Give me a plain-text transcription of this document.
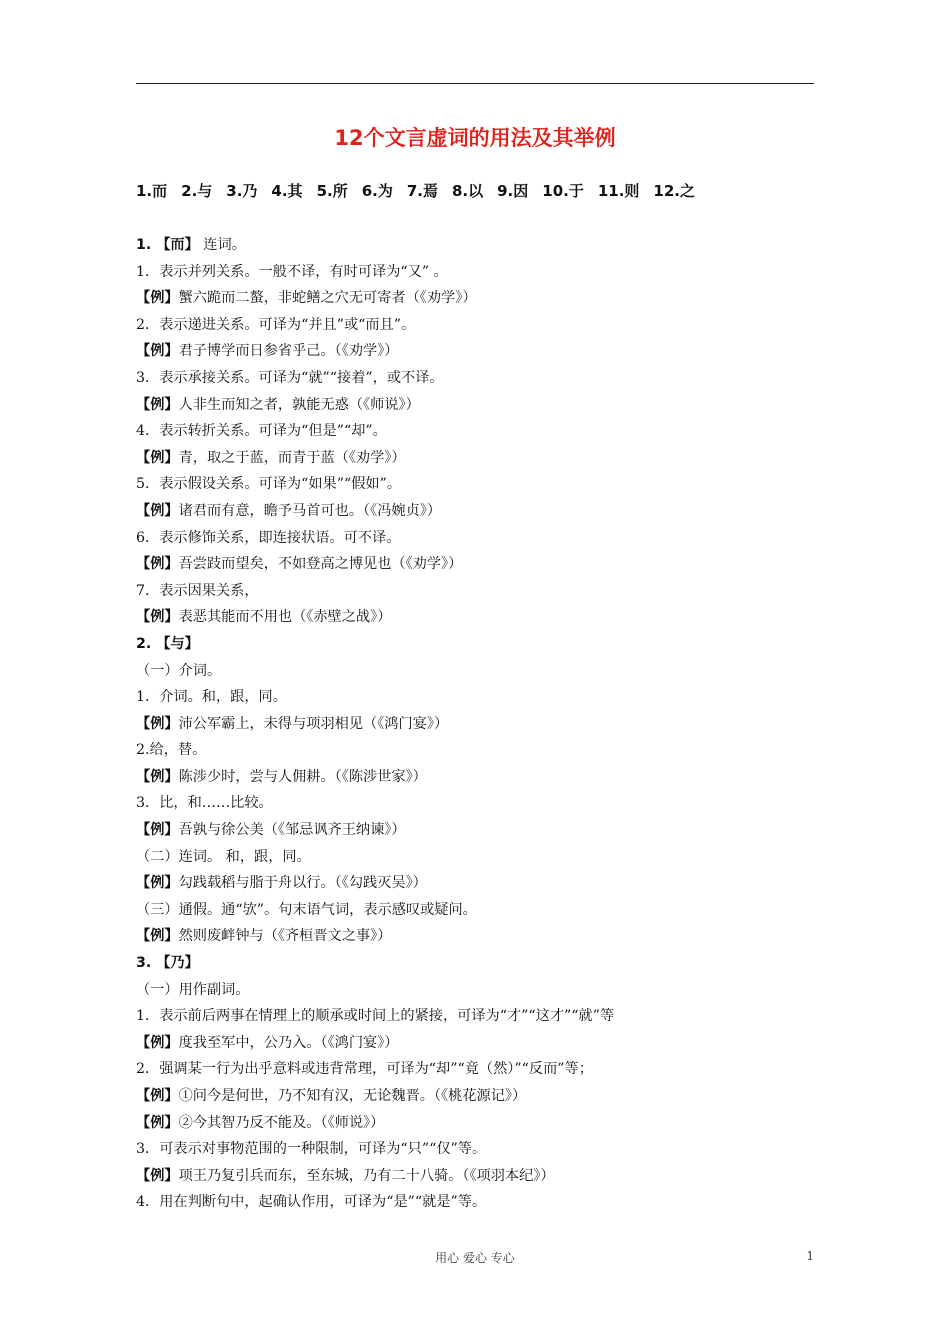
12个文言虚词的用法及其举例
1.而 2.与 3.乃 4.其 5.所 6.为 7.焉 8.以 9.因 10.于 11.则 12.之
1. 【而】 连词。
1．表示并列关系。一般不译，有时可译为“又” 。
【例】蟹六跪而二螯，非蛇鳝之穴无可寄者（《劝学》）
2．表示递进关系。可译为“并且”或“而且”。
【例】君子博学而日参省乎己。（《劝学》）
3．表示承接关系。可译为“就”“接着”，或不译。
【例】人非生而知之者，孰能无惑（《师说》）
4．表示转折关系。可译为“但是”“却”。
【例】青，取之于蓝，而青于蓝（《劝学》）
5．表示假设关系。可译为“如果”“假如”。
【例】诸君而有意，瞻予马首可也。（《冯婉贞》）
6．表示修饰关系，即连接状语。可不译。
【例】吾尝跂而望矣，不如登高之博见也（《劝学》）
7．表示因果关系，
【例】表恶其能而不用也（《赤壁之战》）
2. 【与】
（一）介词。
1．介词。和，跟，同。
【例】沛公军霸上，未得与项羽相见（《鸿门宴》）
2.给，替。
【例】陈涉少时，尝与人佣耕。（《陈涉世家》）
3．比，和……比较。
【例】吾孰与徐公美（《邹忌讽齐王纳谏》）
（二）连词。 和，跟，同。
【例】勾践载稻与脂于舟以行。（《勾践灭吴》）
（三）通假。通“欤”。句末语气词，表示感叹或疑问。
【例】然则废衅钟与（《齐桓晋文之事》）
3. 【乃】
（一）用作副词。
1．表示前后两事在情理上的顺承或时间上的紧接，可译为“才”“这才”“就”等
【例】度我至军中，公乃入。（《鸿门宴》）
2．强调某一行为出乎意料或违背常理，可译为“却”“竟（然）”“反而”等；
【例】①问今是何世，乃不知有汉，无论魏晋。（《桃花源记》）
【例】②今其智乃反不能及。（《师说》）
3．可表示对事物范围的一种限制，可译为“只”“仅”等。
【例】项王乃复引兵而东，至东城，乃有二十八骑。（《项羽本纪》）
4．用在判断句中，起确认作用，可译为“是”“就是”等。
用心 爱心 专心	1
